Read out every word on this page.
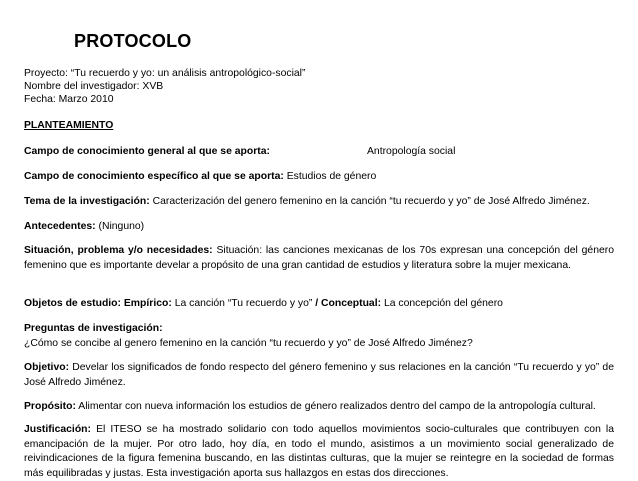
PROTOCOLO
Proyecto: “Tu recuerdo y yo: un análisis antropológico-social”
Nombre del investigador: XVB
Fecha: Marzo 2010
PLANTEAMIENTO
Campo de conocimiento general al que se aporta:	Antropología social
Campo de conocimiento específico al que se aporta: Estudios de género
Tema de la investigación: Caracterización del genero femenino en la canción “tu recuerdo y yo” de José Alfredo Jiménez.
Antecedentes: (Ninguno)
Situación, problema y/o necesidades: Situación: las canciones mexicanas de los 70s expresan una concepción del género femenino que es importante develar a propósito de una gran cantidad de estudios y literatura sobre la mujer mexicana.
Objetos de estudio: Empírico: La canción “Tu recuerdo y yo” / Conceptual: La concepción del género
Preguntas de investigación:
¿Cómo se concibe al genero femenino en la canción “tu recuerdo y yo” de José Alfredo Jiménez?
Objetivo: Develar los significados de fondo respecto del género femenino y sus relaciones en la canción “Tu recuerdo y yo” de José Alfredo Jiménez.
Propósito: Alimentar con nueva información los estudios de género realizados dentro del campo de la antropología cultural.
Justificación: El ITESO se ha mostrado solidario con todo aquellos movimientos socio-culturales que contribuyen con la emancipación de la mujer. Por otro lado, hoy día, en todo el mundo, asistimos a un movimiento social generalizado de reivindicaciones de la figura femenina buscando, en las distintas culturas, que la mujer se reintegre en la sociedad de formas más equilibradas y justas. Esta investigación aporta sus hallazgos en estas dos direcciones.
